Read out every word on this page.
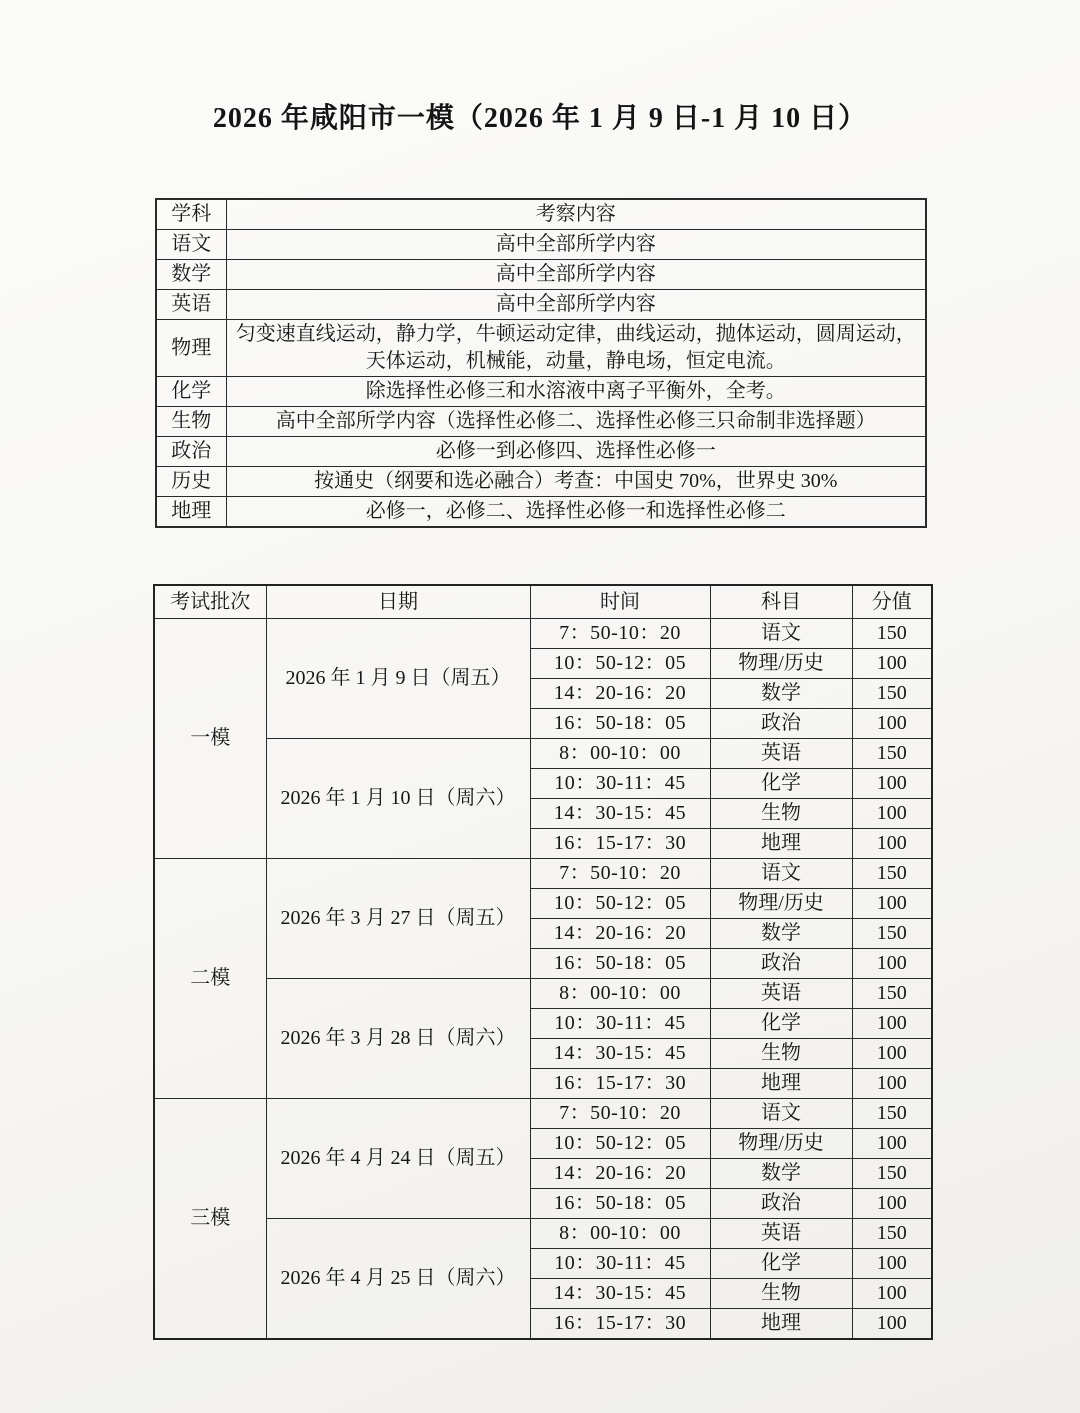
2026 年咸阳市一模（2026 年 1 月 9 日-1 月 10 日）
学科	考察内容
语文	高中全部所学内容
数学	高中全部所学内容
英语	高中全部所学内容
物理	匀变速直线运动，静力学，牛顿运动定律，曲线运动，抛体运动，圆周运动，天体运动，机械能，动量，静电场，恒定电流。
化学	除选择性必修三和水溶液中离子平衡外，全考。
生物	高中全部所学内容（选择性必修二、选择性必修三只命制非选择题）
政治	必修一到必修四、选择性必修一
历史	按通史（纲要和选必融合）考查：中国史 70%，世界史 30%
地理	必修一，必修二、选择性必修一和选择性必修二
考试批次	日期	时间	科目	分值
一模	2026 年 1 月 9 日（周五）	7：50-10：20	语文	150
		10：50-12：05	物理/历史	100
		14：20-16：20	数学	150
		16：50-18：05	政治	100
	2026 年 1 月 10 日（周六）	8：00-10：00	英语	150
		10：30-11：45	化学	100
		14：30-15：45	生物	100
		16：15-17：30	地理	100
二模	2026 年 3 月 27 日（周五）	7：50-10：20	语文	150
		10：50-12：05	物理/历史	100
		14：20-16：20	数学	150
		16：50-18：05	政治	100
	2026 年 3 月 28 日（周六）	8：00-10：00	英语	150
		10：30-11：45	化学	100
		14：30-15：45	生物	100
		16：15-17：30	地理	100
三模	2026 年 4 月 24 日（周五）	7：50-10：20	语文	150
		10：50-12：05	物理/历史	100
		14：20-16：20	数学	150
		16：50-18：05	政治	100
	2026 年 4 月 25 日（周六）	8：00-10：00	英语	150
		10：30-11：45	化学	100
		14：30-15：45	生物	100
		16：15-17：30	地理	100
